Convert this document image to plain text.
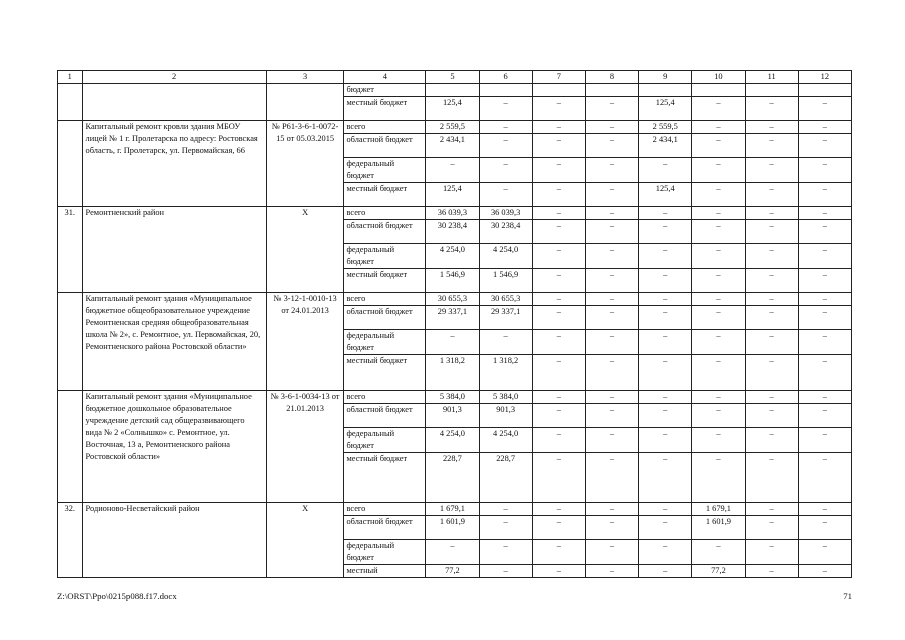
1	2	3	4	5	6	7	8	9	10	11	12
			бюджет								
			местный бюджет	125,4	–	–	–	125,4	–	–	–
	Капитальный ремонт кровли здания МБОУ лицей № 1 г. Пролетарска по адресу: Ростовская область, г. Пролетарск, ул. Первомайская, 66	№ Р61-3-6-1-0072-15 от 05.03.2015	всего	2 559,5	–	–	–	2 559,5	–	–	–
			областной бюджет	2 434,1	–	–	–	2 434,1	–	–	–
			федеральный бюджет	–	–	–	–	–	–	–	–
			местный бюджет	125,4	–	–	–	125,4	–	–	–
31.	Ремонтненский район	Х	всего	36 039,3	36 039,3	–	–	–	–	–	–
			областной бюджет	30 238,4	30 238,4	–	–	–	–	–	–
			федеральный бюджет	4 254,0	4 254,0	–	–	–	–	–	–
			местный бюджет	1 546,9	1 546,9	–	–	–	–	–	–
	Капитальный ремонт здания «Муниципальное бюджетное общеобразовательное учреждение Ремонтненская средняя общеобразовательная школа № 2», с. Ремонтное, ул. Первомайская, 20, Ремонтненского района Ростовской области»	№ 3-12-1-0010-13 от 24.01.2013	всего	30 655,3	30 655,3	–	–	–	–	–	–
			областной бюджет	29 337,1	29 337,1	–	–	–	–	–	–
			федеральный бюджет	–	–	–	–	–	–	–	–
			местный бюджет	1 318,2	1 318,2	–	–	–	–	–	–
	Капитальный ремонт здания «Муниципальное бюджетное дошкольное образовательное учреждение детский сад общеразвивающего вида № 2 «Солнышко» с. Ремонтное, ул. Восточная, 13 а, Ремонтненского района Ростовской области»	№ 3-6-1-0034-13 от 21.01.2013	всего	5 384,0	5 384,0	–	–	–	–	–	–
			областной бюджет	901,3	901,3	–	–	–	–	–	–
			федеральный бюджет	4 254,0	4 254,0	–	–	–	–	–	–
			местный бюджет	228,7	228,7	–	–	–	–	–	–
32.	Родионово-Несветайский район	Х	всего	1 679,1	–	–	–	–	1 679,1	–	–
			областной бюджет	1 601,9	–	–	–	–	1 601,9	–	–
			федеральный бюджет	–	–	–	–	–	–	–	–
			местный	77,2	–	–	–	–	77,2	–	–
Z:\ORST\Ppo\0215p088.f17.docx	71
